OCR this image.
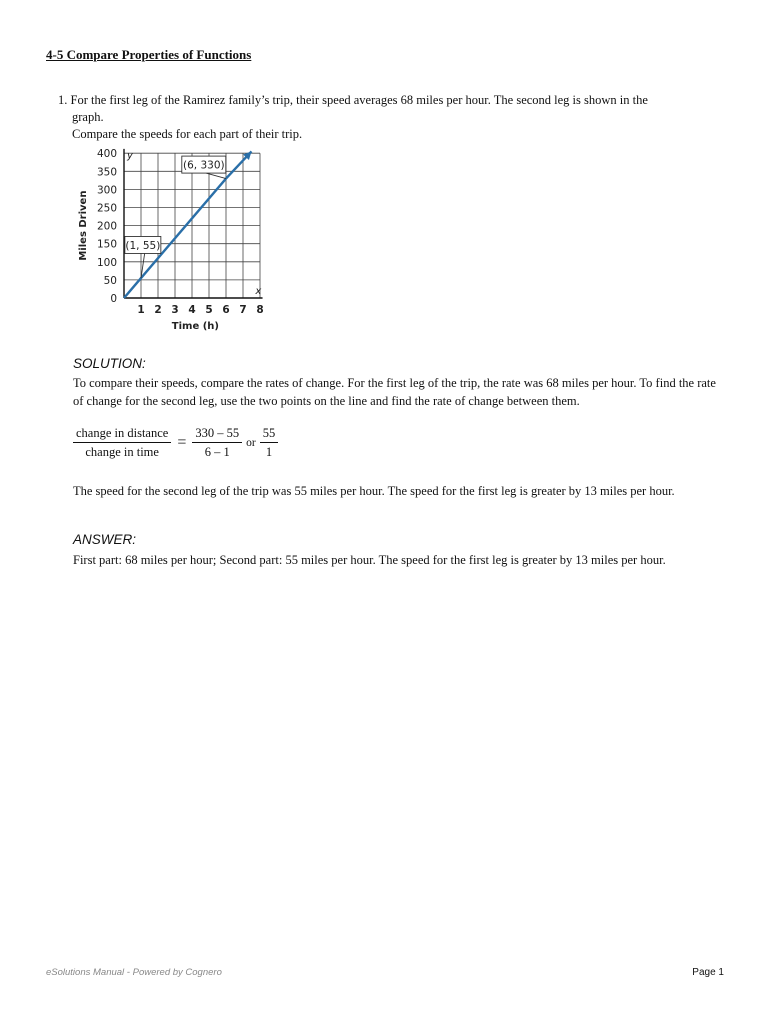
4-5 Compare Properties of Functions
1. For the first leg of the Ramirez family’s trip, their speed averages 68 miles per hour. The second leg is shown in the
graph.
Compare the speeds for each part of their trip.
1 2 3 4 5 6 7 8
0
50
100
150
200
250
300
350
400
x
y
Time (h)
Miles Driven	(1, 55)
(6, 330)
SOLUTION:
To compare their speeds, compare the rates of change. For the first leg of the trip, the rate was 68 miles per hour. To find the rate of change for the second leg, use the two points on the line and find the rate of change between them.
$\frac{\text{change in distance}}{\text{change in time}} = \frac{330 - 55}{6 - 1}$ or $\frac{55}{1}$
The speed for the second leg of the trip was 55 miles per hour. The speed for the first leg is greater by 13 miles per hour.
ANSWER:
First part: 68 miles per hour; Second part: 55 miles per hour. The speed for the first leg is greater by 13 miles per hour.
eSolutions Manual - Powered by Cognero	Page 1
